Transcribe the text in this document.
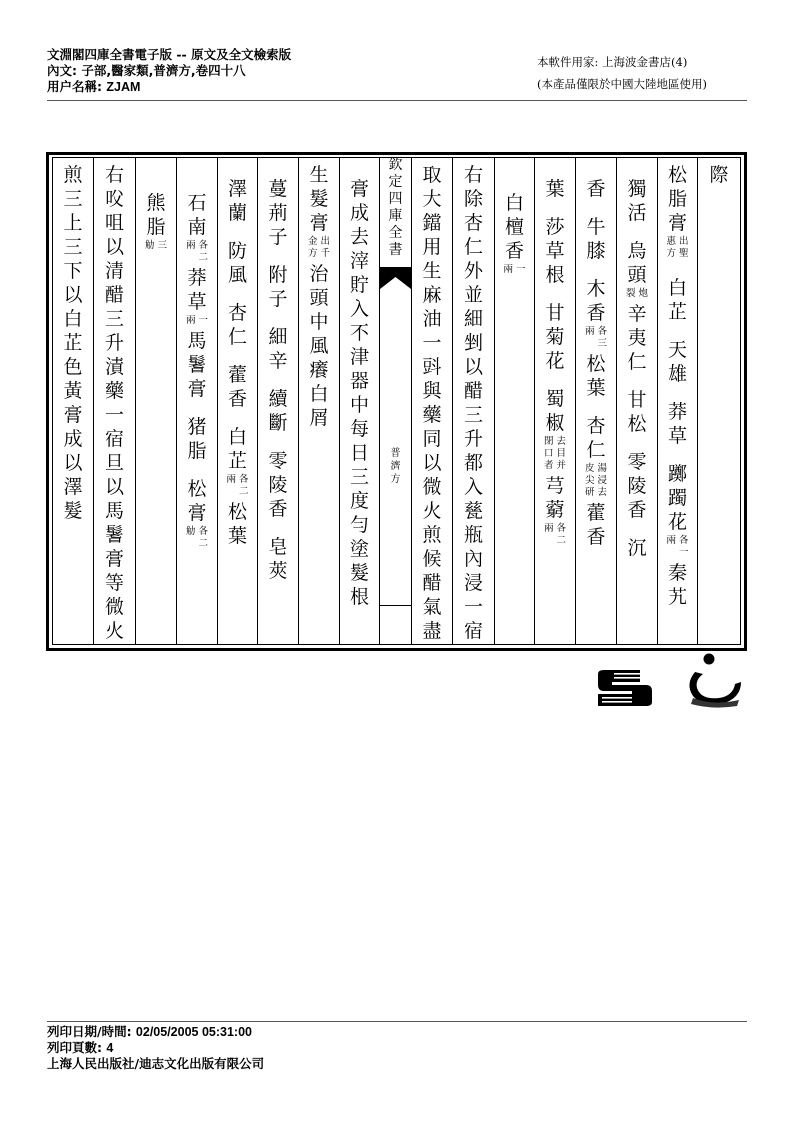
文淵閣四庫全書電子版 -- 原文及全文檢索版
內文: 子部,醫家類,普濟方,卷四十八
用户名稱: ZJAM
本軟件用家: 上海波金書店(4)
(本產品僅限於中國大陸地區使用)
際
松
脂
膏
出
聖
惠
方
白
芷
天
雄
莽
草
躑
躅
花
各
一
兩
秦
艽
獨
活
烏
頭
炮
裂
辛
夷
仁
甘
松
零
陵
香
沉
香
牛
膝
木
香
各
三
兩
松
葉
杏
仁
湯
浸
去
皮
尖
研
藿
香
葉
莎
草
根
甘
菊
花
蜀
椒
去
目
并
閉
口
者
芎
藭
各
二
兩
白
檀
香
一
兩
右
除
杏
仁
外
並
細
剉
以
醋
三
升
都
入
甆
瓶
內
浸
一
宿
取
大
鐺
用
生
麻
油
一
㪷
與
藥
同
以
微
火
煎
候
醋
氣
盡
欽
定
四
庫
全
書
普
濟
方
膏
成
去
滓
貯
入
不
津
器
中
每
日
三
度
勻
塗
髮
根
生
髮
膏
出
千
金
方
治
頭
中
風
癢
白
屑
蔓
荊
子
附
子
細
辛
續
斷
零
陵
香
皂
莢
澤
蘭
防
風
杏
仁
藿
香
白
芷
各
二
兩
松
葉
石
南
各
二
兩
莽
草
一
兩
馬
鬐
膏
猪
脂
松
膏
各
二
觔
熊
脂
三
觔
右
㕮
咀
以
清
醋
三
升
漬
藥
一
宿
旦
以
馬
鬐
膏
等
微
火
煎
三
上
三
下
以
白
芷
色
黃
膏
成
以
澤
髮
列印日期/時間: 02/05/2005 05:31:00
列印頁數: 4
上海人民出版社/迪志文化出版有限公司
